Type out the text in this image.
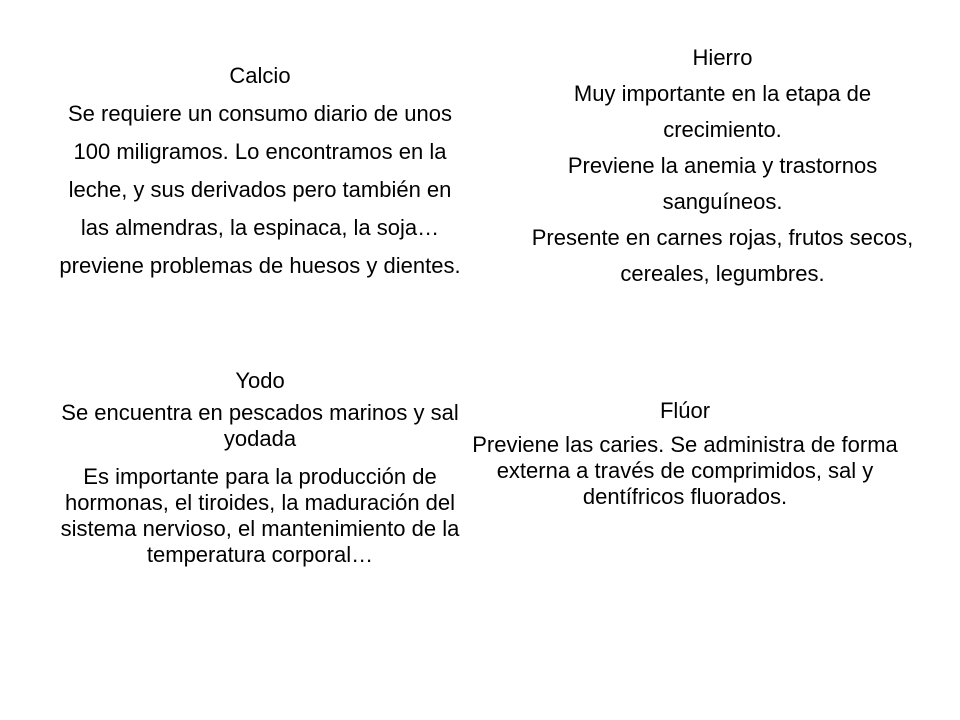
Calcio

Se requiere un consumo diario de unos 100 miligramos. Lo encontramos en la leche, y sus derivados pero también en las almendras, la espinaca, la soja… previene problemas de huesos y dientes.

Hierro

Muy importante en la etapa de crecimiento.

Previene la anemia y trastornos sanguíneos.

Presente en carnes rojas, frutos secos, cereales, legumbres.

Yodo

Se encuentra en pescados marinos y sal yodada

Es importante para la producción de hormonas, el tiroides, la maduración del sistema nervioso, el mantenimiento de la temperatura corporal…

Flúor

Previene las caries. Se administra de forma externa a través de comprimidos, sal y dentífricos fluorados.
